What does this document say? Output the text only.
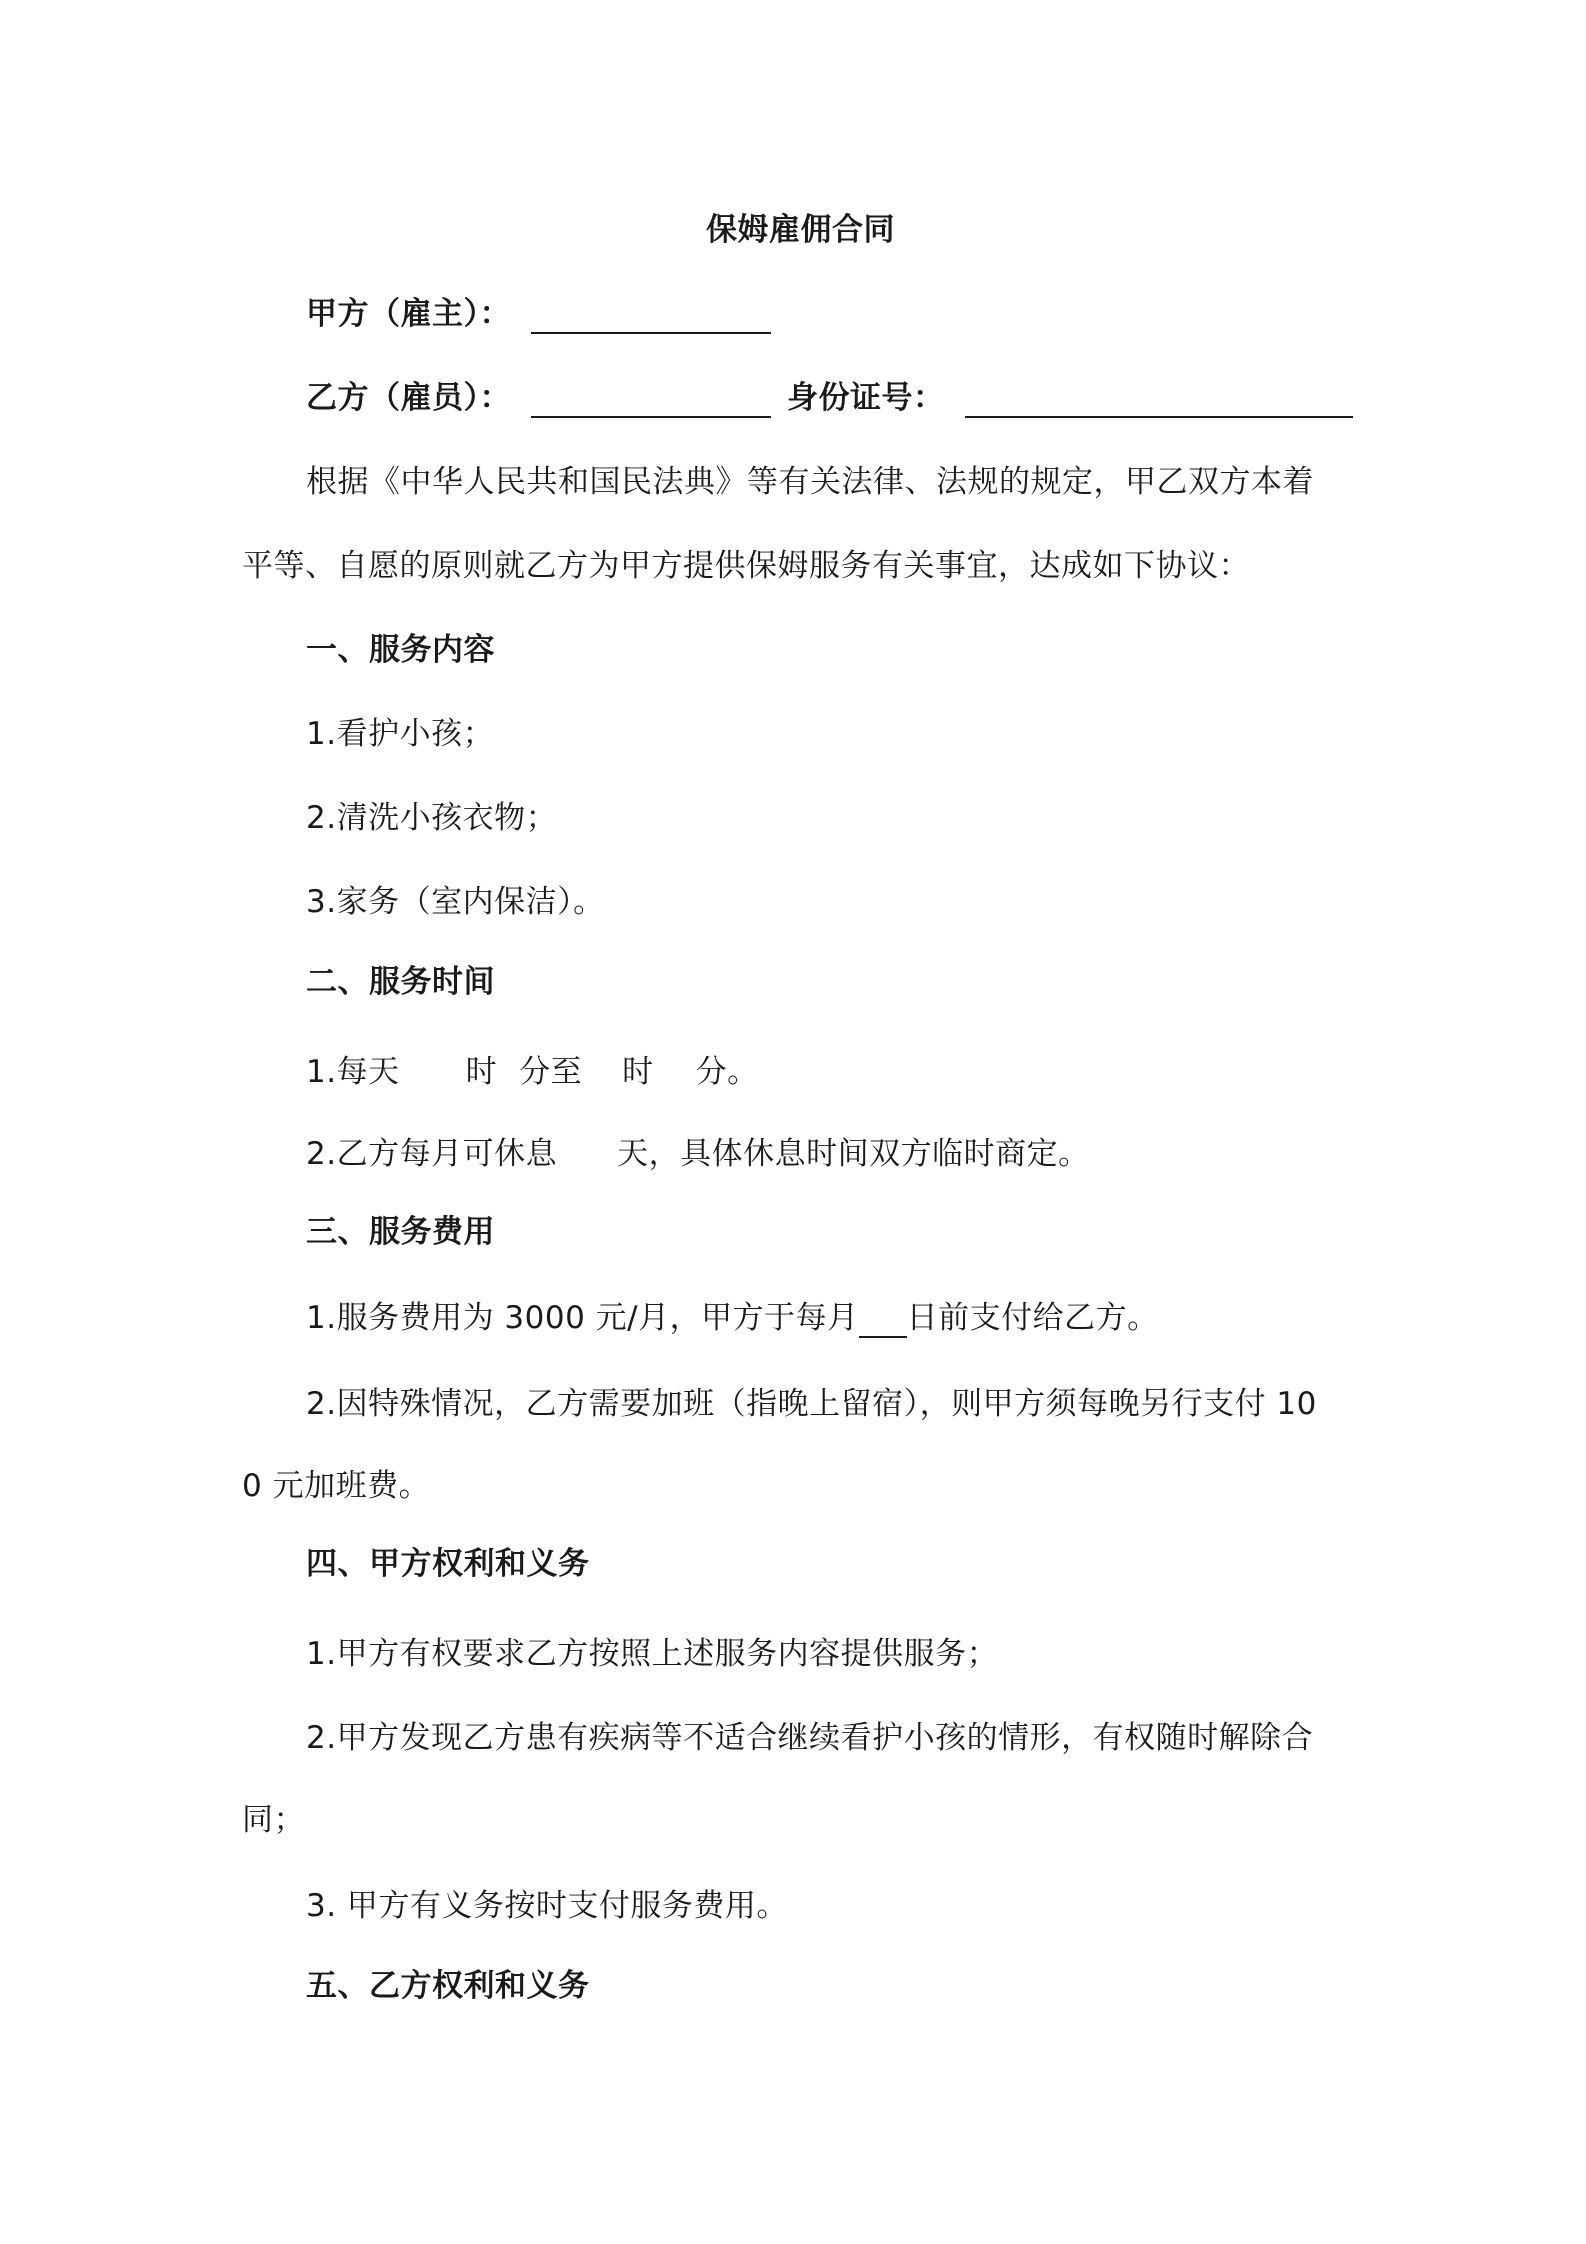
保姆雇佣合同
甲方（雇主）：
乙方（雇员）：	身份证号：
根据《中华人民共和国民法典》等有关法律、法规的规定，甲乙双方本着
平等、自愿的原则就乙方为甲方提供保姆服务有关事宜，达成如下协议：
一、服务内容
1.看护小孩；
2.清洗小孩衣物；
3.家务（室内保洁）。
二、服务时间
1.每天 时 分至 时 分。
2.乙方每月可休息 天，具体休息时间双方临时商定。
三、服务费用
1.服务费用为 3000 元/月，甲方于每月 日前支付给乙方。
2.因特殊情况，乙方需要加班（指晚上留宿），则甲方须每晚另行支付 10
0 元加班费。
四、甲方权利和义务
1.甲方有权要求乙方按照上述服务内容提供服务；
2.甲方发现乙方患有疾病等不适合继续看护小孩的情形，有权随时解除合
同；
3. 甲方有义务按时支付服务费用。
五、乙方权利和义务
